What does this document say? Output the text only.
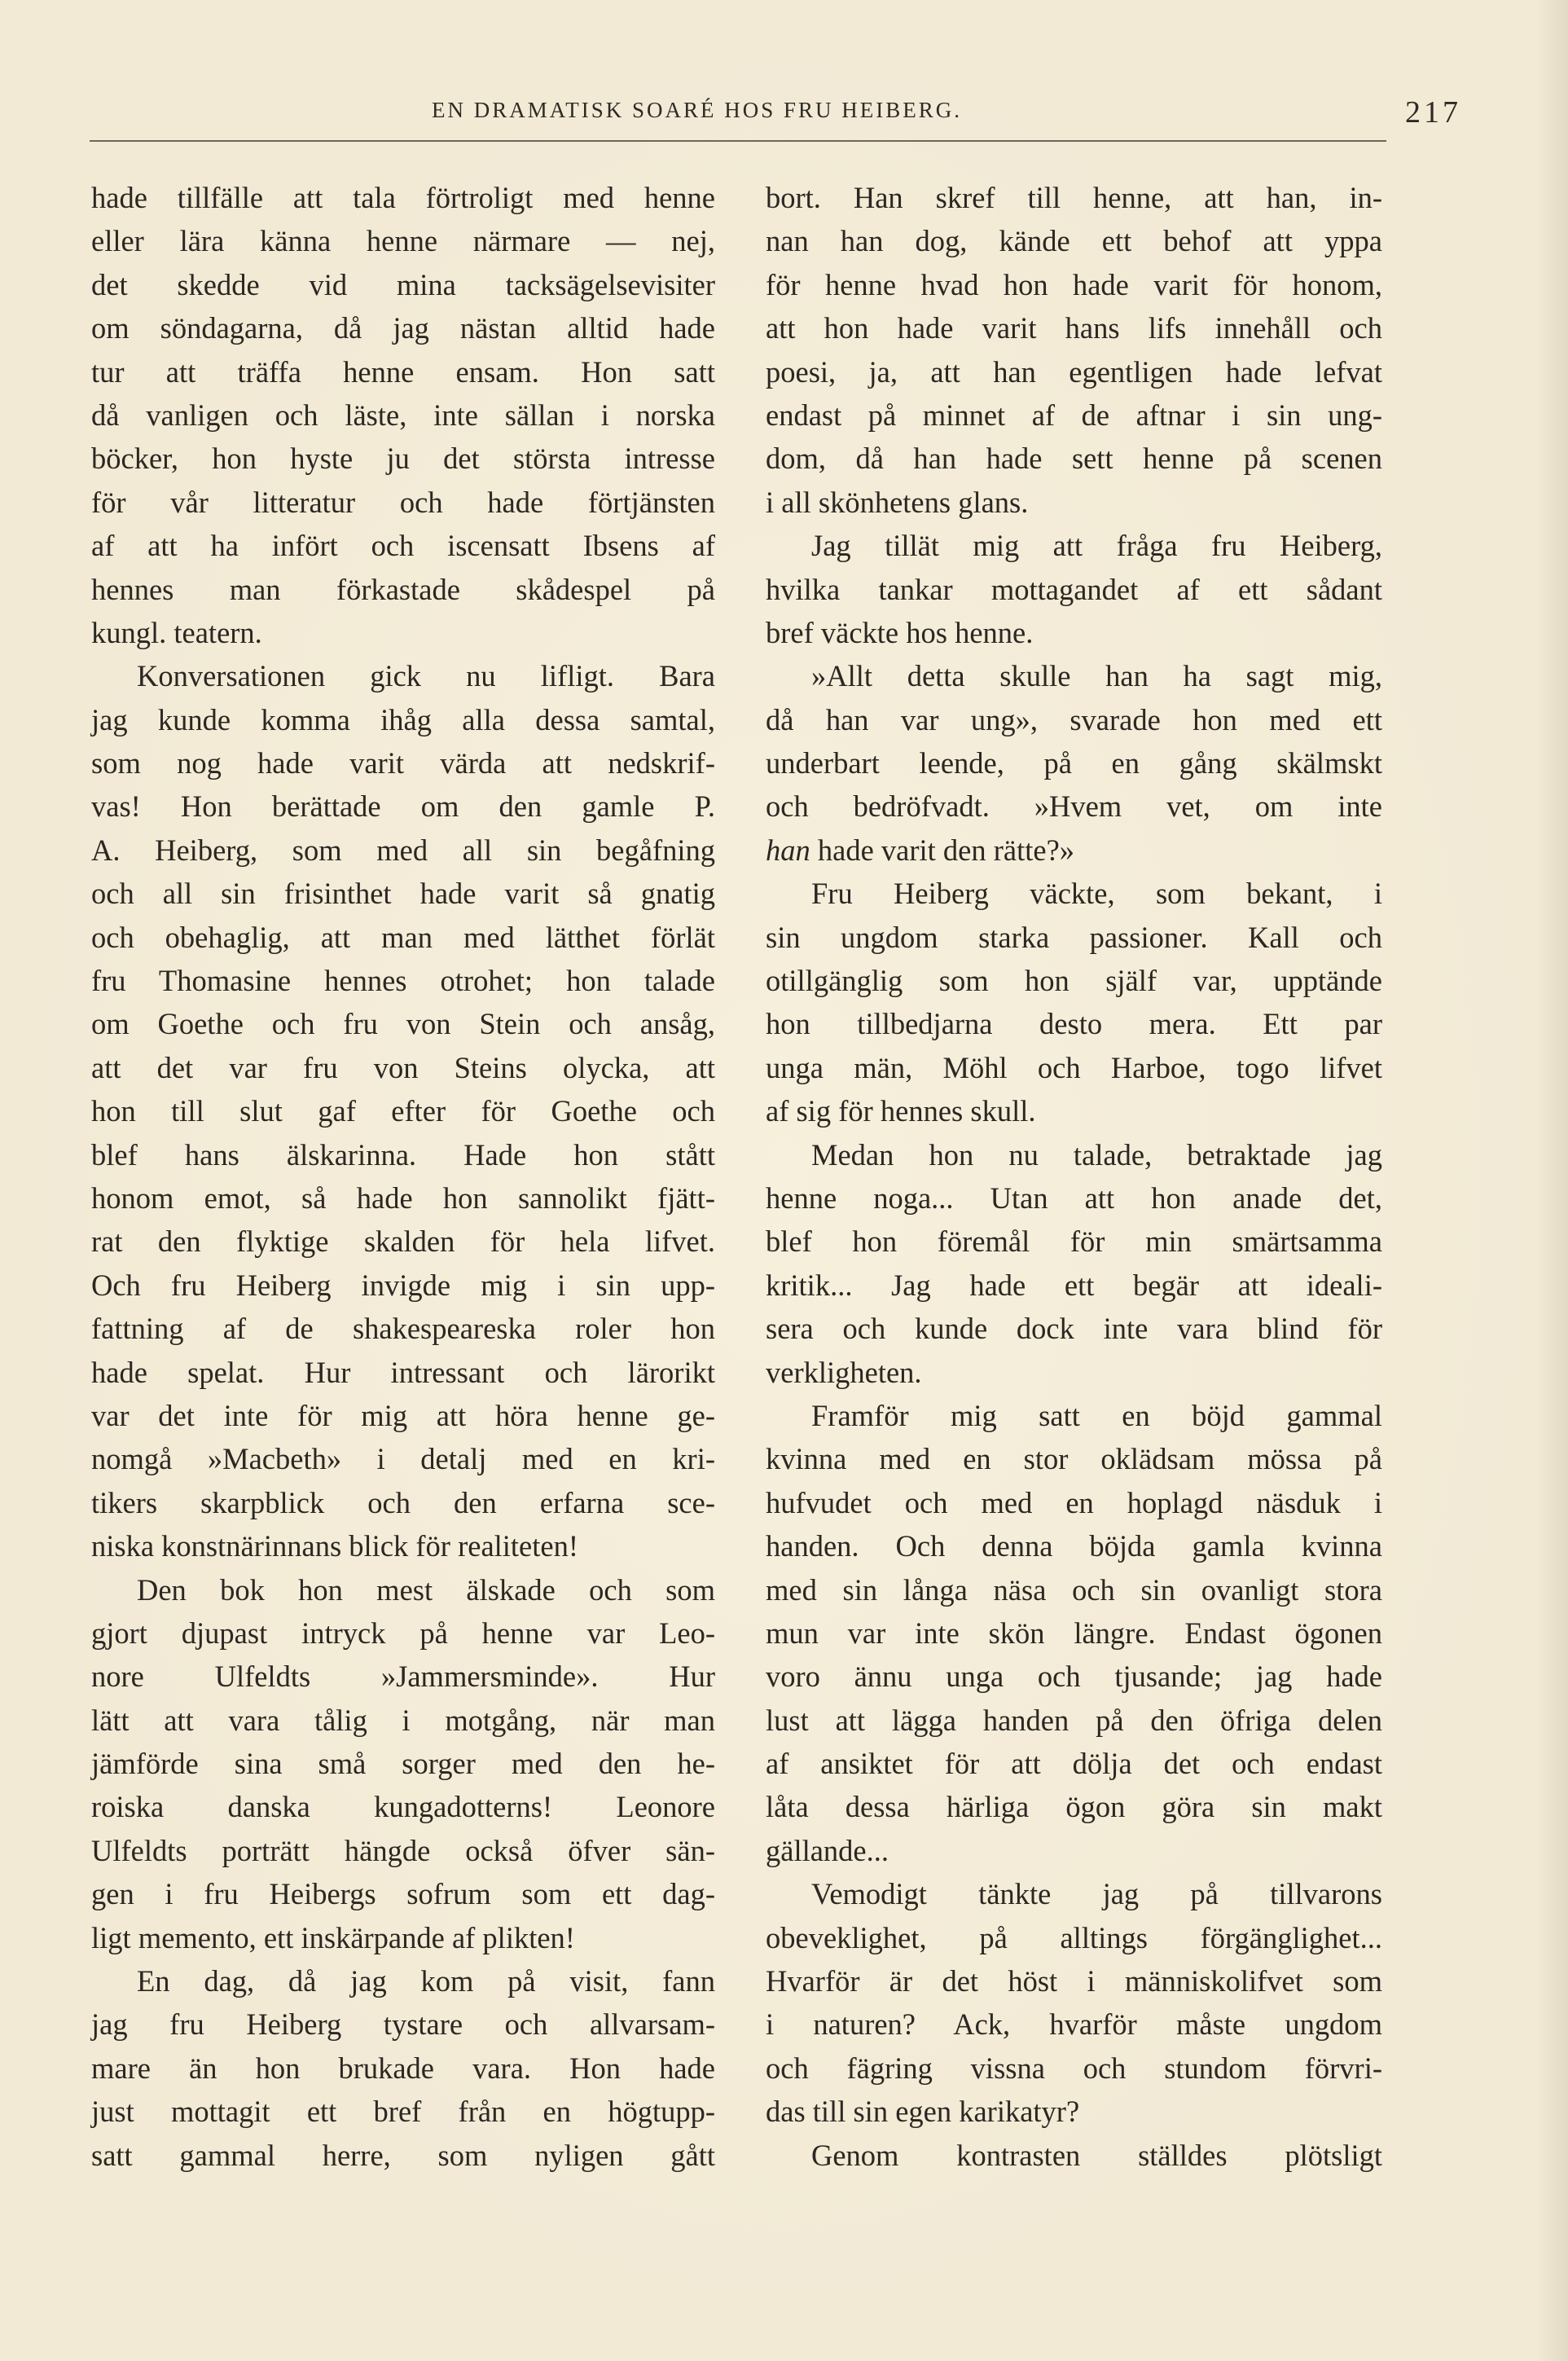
EN DRAMATISK SOARÉ HOS FRU HEIBERG.	217
hade tillfälle att tala förtroligt med henne
eller lära känna henne närmare — nej,
det skedde vid mina tacksägelsevisiter
om söndagarna, då jag nästan alltid hade
tur att träffa henne ensam. Hon satt
då vanligen och läste, inte sällan i norska
böcker, hon hyste ju det största intresse
för vår litteratur och hade förtjänsten
af att ha infört och iscensatt Ibsens af
hennes man förkastade skådespel på
kungl. teatern.
Konversationen gick nu lifligt. Bara
jag kunde komma ihåg alla dessa samtal,
som nog hade varit värda att nedskrif-
vas! Hon berättade om den gamle P.
A. Heiberg, som med all sin begåfning
och all sin frisinthet hade varit så gnatig
och obehaglig, att man med lätthet förlät
fru Thomasine hennes otrohet; hon talade
om Goethe och fru von Stein och ansåg,
att det var fru von Steins olycka, att
hon till slut gaf efter för Goethe och
blef hans älskarinna. Hade hon stått
honom emot, så hade hon sannolikt fjätt-
rat den flyktige skalden för hela lifvet.
Och fru Heiberg invigde mig i sin upp-
fattning af de shakespeareska roler hon
hade spelat. Hur intressant och lärorikt
var det inte för mig att höra henne ge-
nomgå »Macbeth» i detalj med en kri-
tikers skarpblick och den erfarna sce-
niska konstnärinnans blick för realiteten!
Den bok hon mest älskade och som
gjort djupast intryck på henne var Leo-
nore Ulfeldts »Jammersminde». Hur
lätt att vara tålig i motgång, när man
jämförde sina små sorger med den he-
roiska danska kungadotterns! Leonore
Ulfeldts porträtt hängde också öfver sän-
gen i fru Heibergs sofrum som ett dag-
ligt memento, ett inskärpande af plikten!
En dag, då jag kom på visit, fann
jag fru Heiberg tystare och allvarsam-
mare än hon brukade vara. Hon hade
just mottagit ett bref från en högtupp-
satt gammal herre, som nyligen gått
bort. Han skref till henne, att han, in-
nan han dog, kände ett behof att yppa
för henne hvad hon hade varit för honom,
att hon hade varit hans lifs innehåll och
poesi, ja, att han egentligen hade lefvat
endast på minnet af de aftnar i sin ung-
dom, då han hade sett henne på scenen
i all skönhetens glans.
Jag tillät mig att fråga fru Heiberg,
hvilka tankar mottagandet af ett sådant
bref väckte hos henne.
»Allt detta skulle han ha sagt mig,
då han var ung», svarade hon med ett
underbart leende, på en gång skälmskt
och bedröfvadt. »Hvem vet, om inte
han hade varit den rätte?»
Fru Heiberg väckte, som bekant, i
sin ungdom starka passioner. Kall och
otillgänglig som hon själf var, upptände
hon tillbedjarna desto mera. Ett par
unga män, Möhl och Harboe, togo lifvet
af sig för hennes skull.
Medan hon nu talade, betraktade jag
henne noga... Utan att hon anade det,
blef hon föremål för min smärtsamma
kritik... Jag hade ett begär att ideali-
sera och kunde dock inte vara blind för
verkligheten.
Framför mig satt en böjd gammal
kvinna med en stor oklädsam mössa på
hufvudet och med en hoplagd näsduk i
handen. Och denna böjda gamla kvinna
med sin långa näsa och sin ovanligt stora
mun var inte skön längre. Endast ögonen
voro ännu unga och tjusande; jag hade
lust att lägga handen på den öfriga delen
af ansiktet för att dölja det och endast
låta dessa härliga ögon göra sin makt
gällande...
Vemodigt tänkte jag på tillvarons
obeveklighet, på alltings förgänglighet...
Hvarför är det höst i människolifvet som
i naturen? Ack, hvarför måste ungdom
och fägring vissna och stundom förvri-
das till sin egen karikatyr?
Genom kontrasten ställdes plötsligt
